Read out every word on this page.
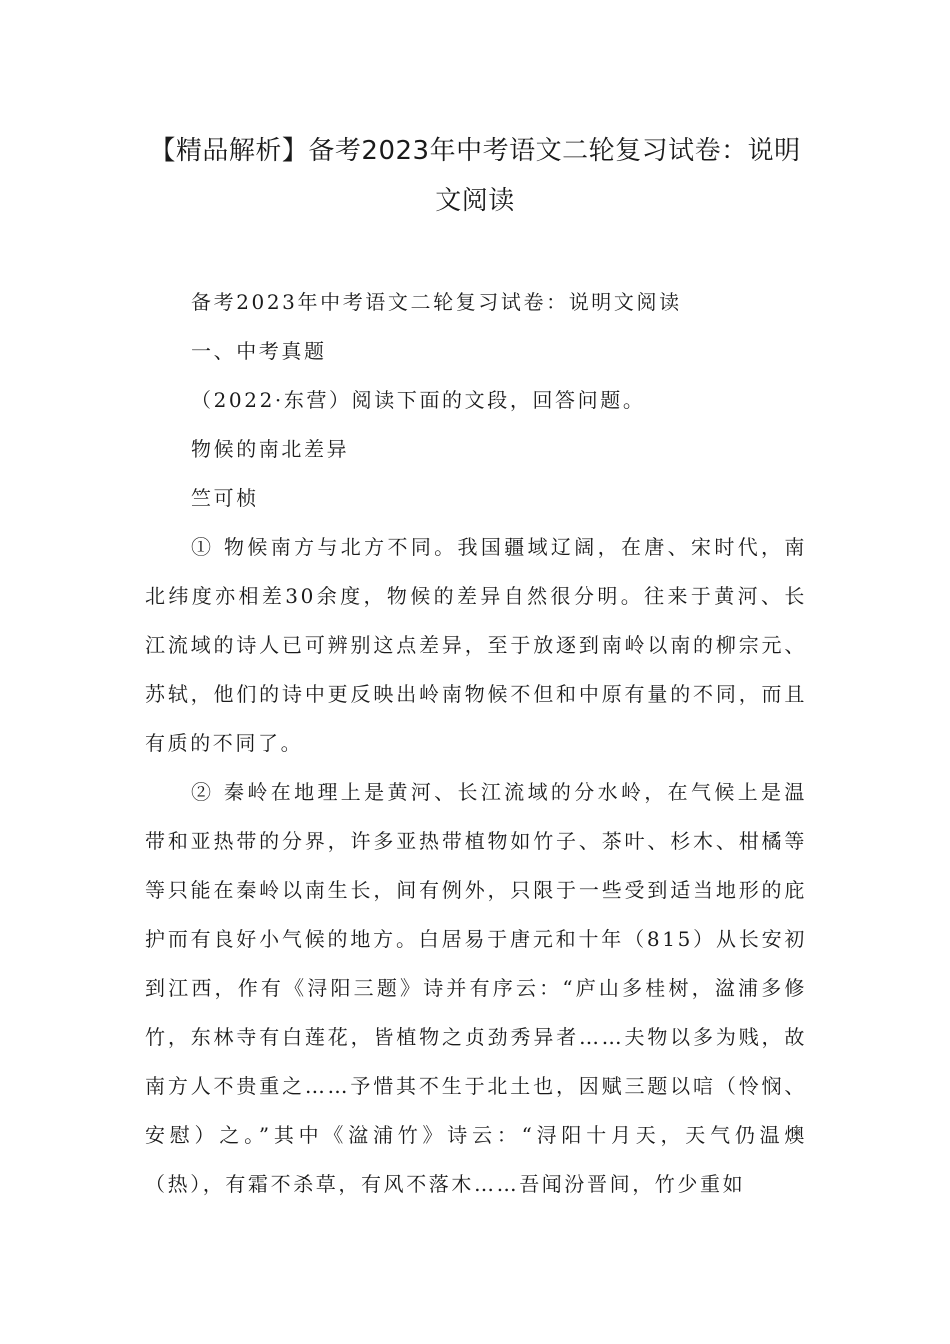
【精品解析】备考2023年中考语文二轮复习试卷：说明文阅读

备考2023年中考语文二轮复习试卷：说明文阅读

一、中考真题

（2022·东营）阅读下面的文段，回答问题。

物候的南北差异

竺可桢

① 物候南方与北方不同。我国疆域辽阔，在唐、宋时代，南北纬度亦相差30余度，物候的差异自然很分明。往来于黄河、长江流域的诗人已可辨别这点差异，至于放逐到南岭以南的柳宗元、苏轼，他们的诗中更反映出岭南物候不但和中原有量的不同，而且有质的不同了。

② 秦岭在地理上是黄河、长江流域的分水岭，在气候上是温带和亚热带的分界，许多亚热带植物如竹子、茶叶、杉木、柑橘等等只能在秦岭以南生长，间有例外，只限于一些受到适当地形的庇护而有良好小气候的地方。白居易于唐元和十年（815）从长安初到江西，作有《浔阳三题》诗并有序云：“庐山多桂树，湓浦多修竹，东林寺有白莲花，皆植物之贞劲秀异者……夫物以多为贱，故南方人不贵重之……予惜其不生于北土也，因赋三题以唁（怜悯、安慰）之。”其中《湓浦竹》诗云：“浔阳十月天，天气仍温燠（热），有霜不杀草，有风不落木……吾闻汾晋间，竹少重如
